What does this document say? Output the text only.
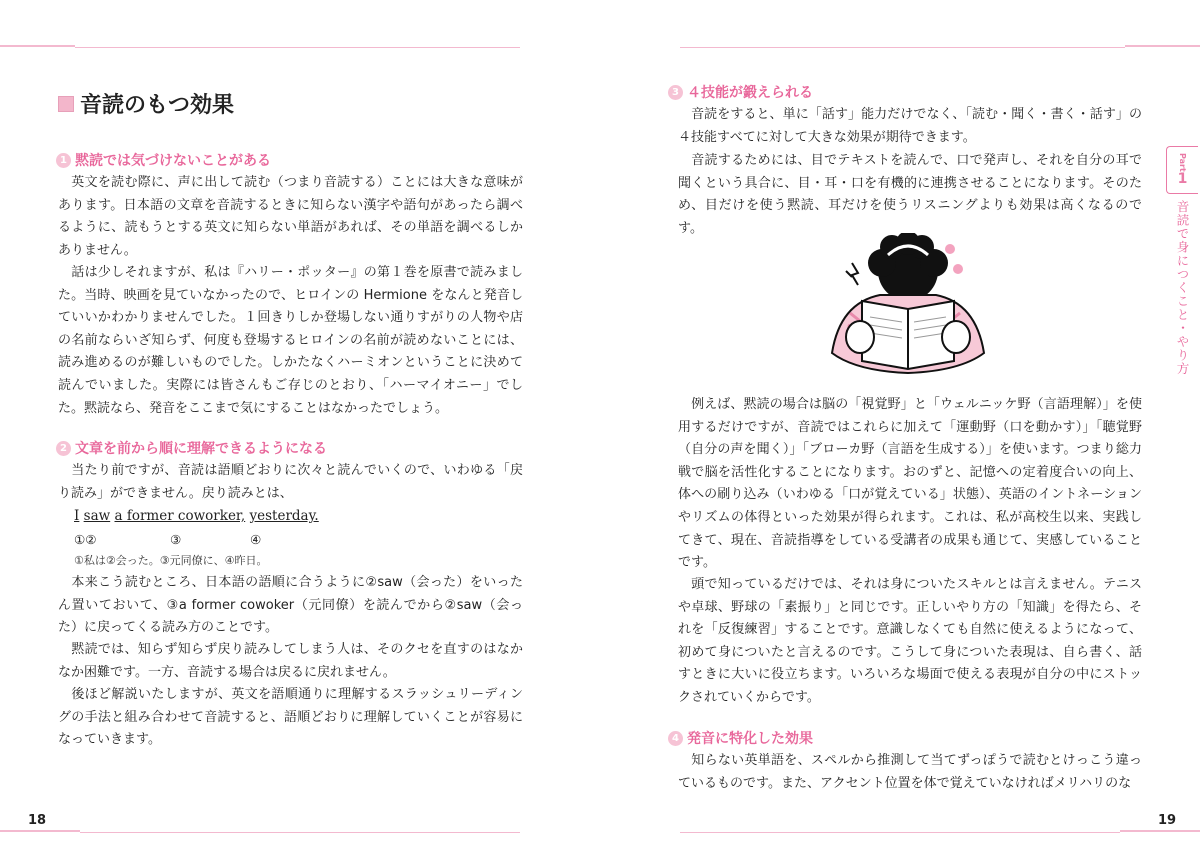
音読のもつ効果
1 黙読では気づけないことがある

英文を読む際に、声に出して読む（つまり音読する）ことには大きな意味があります。日本語の文章を音読するときに知らない漢字や語句があったら調べるように、読もうとする英文に知らない単語があれば、その単語を調べるしかありません。

話は少しそれますが、私は『ハリー・ポッター』の第１巻を原書で読みました。当時、映画を見ていなかったので、ヒロインの Hermione をなんと発音していいかわかりませんでした。１回きりしか登場しない通りすがりの人物や店の名前ならいざ知らず、何度も登場するヒロインの名前が読めないことには、読み進めるのが難しいものでした。しかたなくハーミオンということに決めて読んでいました。実際には皆さんもご存じのとおり、「ハーマイオニー」でした。黙読なら、発音をここまで気にすることはなかったでしょう。

2 文章を前から順に理解できるようになる

当たり前ですが、音読は語順どおりに次々と読んでいくので、いわゆる「戻り読み」ができません。戻り読みとは、

I saw a former coworker, yesterday.
①②	③	④
①私は②会った。③元同僚に、④昨日。

本来こう読むところ、日本語の語順に合うように②saw（会った）をいったん置いておいて、③a former cowoker（元同僚）を読んでから②saw（会った）に戻ってくる読み方のことです。

黙読では、知らず知らず戻り読みしてしまう人は、そのクセを直すのはなかなか困難です。一方、音読する場合は戻るに戻れません。

後ほど解説いたしますが、英文を語順通りに理解するスラッシュリーディングの手法と組み合わせて音読すると、語順どおりに理解していくことが容易になっていきます。

18
3 ４技能が鍛えられる

音読をすると、単に「話す」能力だけでなく、「読む・聞く・書く・話す」の４技能すべてに対して大きな効果が期待できます。

音読するためには、目でテキストを読んで、口で発声し、それを自分の耳で聞くという具合に、目・耳・口を有機的に連携させることになります。そのため、目だけを使う黙読、耳だけを使うリスニングよりも効果は高くなるのです。

例えば、黙読の場合は脳の「視覚野」と「ウェルニッケ野（言語理解）」を使用するだけですが、音読ではこれらに加えて「運動野（口を動かす）」「聴覚野（自分の声を聞く）」「ブローカ野（言語を生成する）」を使います。つまり総力戦で脳を活性化することになります。おのずと、記憶への定着度合いの向上、体への刷り込み（いわゆる「口が覚えている」状態）、英語のイントネーションやリズムの体得といった効果が得られます。これは、私が高校生以来、実践してきて、現在、音読指導をしている受講者の成果も通じて、実感していることです。

頭で知っているだけでは、それは身についたスキルとは言えません。テニスや卓球、野球の「素振り」と同じです。正しいやり方の「知識」を得たら、それを「反復練習」することです。意識しなくても自然に使えるようになって、初めて身についたと言えるのです。こうして身についた表現は、自ら書く、話すときに大いに役立ちます。いろいろな場面で使える表現が自分の中にストックされていくからです。

4 発音に特化した効果

知らない英単語を、スペルから推測して当てずっぽうで読むとけっこう違っているものです。また、アクセント位置を体で覚えていなければメリハリのな

Part
1
音読で身につくこと・やり方
19
